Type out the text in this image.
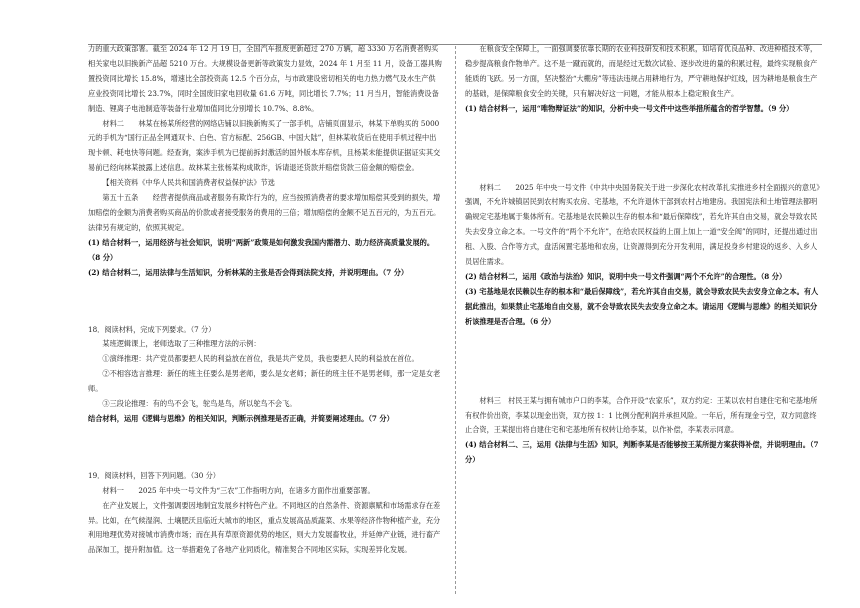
力的重大政策部署。截至 2024 年 12 月 19 日，全国汽车报废更新超过 270 万辆，超 3330 万名消费者购买相关家电以旧换新产品超 5210 万台。大规模设备更新等政策发力显效，2024 年 1 月至 11 月，设备工器具购置投资同比增长 15.8%，增速比全部投资高 12.5 个百分点，与市政建设密切相关的电力热力燃气及水生产供应业投资同比增长 23.7%，同时全国废旧家电回收量 61.6 万吨，同比增长 7.7%；11 月当月，智能消费设备制造、锂离子电池制造等装备行业增加值同比分别增长 10.7%、8.8%。

材料二　　林某在杨某所经营的网络店铺以旧换新购买了一部手机，店铺页面显示，林某下单购买的 5000 元的手机为“国行正品全网通双卡、白色、官方标配、256GB、中国大陆”，但林某收货后在使用手机过程中出现卡顿、耗电快等问题。经查询，案涉手机为已提前拆封激活的国外版本库存机，且杨某未能提供证据证实其交易前已经向林某披露上述信息。故林某主张杨某构成欺诈，诉请退还货款并赔偿货款三倍金额的赔偿金。

【相关资料《中华人民共和国消费者权益保护法》节选

第五十五条　　经营者提供商品或者服务有欺诈行为的，应当按照消费者的要求增加赔偿其受到的损失，增加赔偿的金额为消费者购买商品的价款或者接受服务的费用的三倍；增加赔偿的金额不足五百元的，为五百元。法律另有规定的，依照其规定。

(1) 结合材料一，运用经济与社会知识，说明“两新”政策是如何激发我国内需潜力、助力经济高质量发展的。（8 分）

(2) 结合材料二，运用法律与生活知识，分析林某的主张是否会得到法院支持，并说明理由。（7 分）

18．阅读材料，完成下列要求。（7 分）

某班逻辑课上，老师选取了三种推理方法的示例：

①演绎推理：共产党员都要把人民的利益放在首位，我是共产党员，我也要把人民的利益放在首位。

②不相容选言推理：新任的班主任要么是男老师，要么是女老师；新任的班主任不是男老师，那一定是女老师。

③三段论推理：有的鸟不会飞，鸵鸟是鸟，所以鸵鸟不会飞。

结合材料，运用《逻辑与思维》的相关知识，判断示例推理是否正确，并简要阐述理由。（7 分）

19．阅读材料，回答下列问题。（30 分）

材料一　　2025 年中央一号文件为“三农”工作指明方向，在诸多方面作出重要部署。

在产业发展上，文件强调要因地制宜发展乡村特色产业。不同地区的自然条件、资源禀赋和市场需求存在差异。比如，在气候湿润、土壤肥沃且临近大城市的地区，重点发展高品质蔬菜、水果等经济作物种植产业，充分利用地理优势对接城市消费市场；而在具有草原资源优势的地区，则大力发展畜牧业，并延伸产业链，进行畜产品深加工，提升附加值。这一举措避免了各地产业同质化，精准契合不同地区实际，实现差异化发展。

在粮食安全保障上，一面强调要依靠长期的农业科技研发和技术积累，如培育优良品种、改进种植技术等，稳步提高粮食作物单产。这不是一蹴而就的，而是经过无数次试验、逐步改进的量的积累过程，最终实现粮食产能质的飞跃。另一方面，坚决整治“大棚房”等违法违规占用耕地行为，严守耕地保护红线，因为耕地是粮食生产的基础，是保障粮食安全的关键，只有解决好这一问题，才能从根本上稳定粮食生产。

(1) 结合材料一，运用“唯物辩证法”的知识，分析中央一号文件中这些举措所蕴含的哲学智慧。（9 分）

材料二　　2025 年中央一号文件《中共中央国务院关于进一步深化农村改革扎实推进乡村全面振兴的意见》强调，不允许城镇居民到农村购买农房、宅基地，不允许退休干部到农村占地建房。我国宪法和土地管理法都明确规定宅基地属于集体所有。宅基地是农民赖以生存的根本和“最后保障线”，若允许其自由交易，就会导致农民失去安身立命之本。一号文件的“两个不允许”，在给农民权益的上面上加上一道“安全阀”的同时，还提出通过出租、入股、合作等方式，盘活闲置宅基地和农房，让资源得到充分开发利用，满足投身乡村建设的返乡、入乡人员居住需求。

(2) 结合材料二，运用《政治与法治》知识，说明中央一号文件强调“两个不允许”的合理性。（8 分）

(3) 宅基地是农民赖以生存的根本和“最后保障线”，若允许其自由交易，就会导致农民失去安身立命之本。有人据此推出，如果禁止宅基地自由交易，就不会导致农民失去安身立命之本。请运用《逻辑与思维》的相关知识分析该推理是否合理。（6 分）

材料三　村民王某与拥有城市户口的李某，合作开设“农家乐”，双方约定：王某以农村自建住宅和宅基地所有权作价出资，李某以现金出资，双方按 1：1 比例分配利润并承担风险。一年后，所有现金亏空，双方同意终止合资，王某提出将自建住宅和宅基地所有权转让给李某，以作补偿，李某表示同意。

(4) 结合材料二、三，运用《法律与生活》知识，判断李某是否能够按王某所提方案获得补偿，并说明理由。（7 分）
